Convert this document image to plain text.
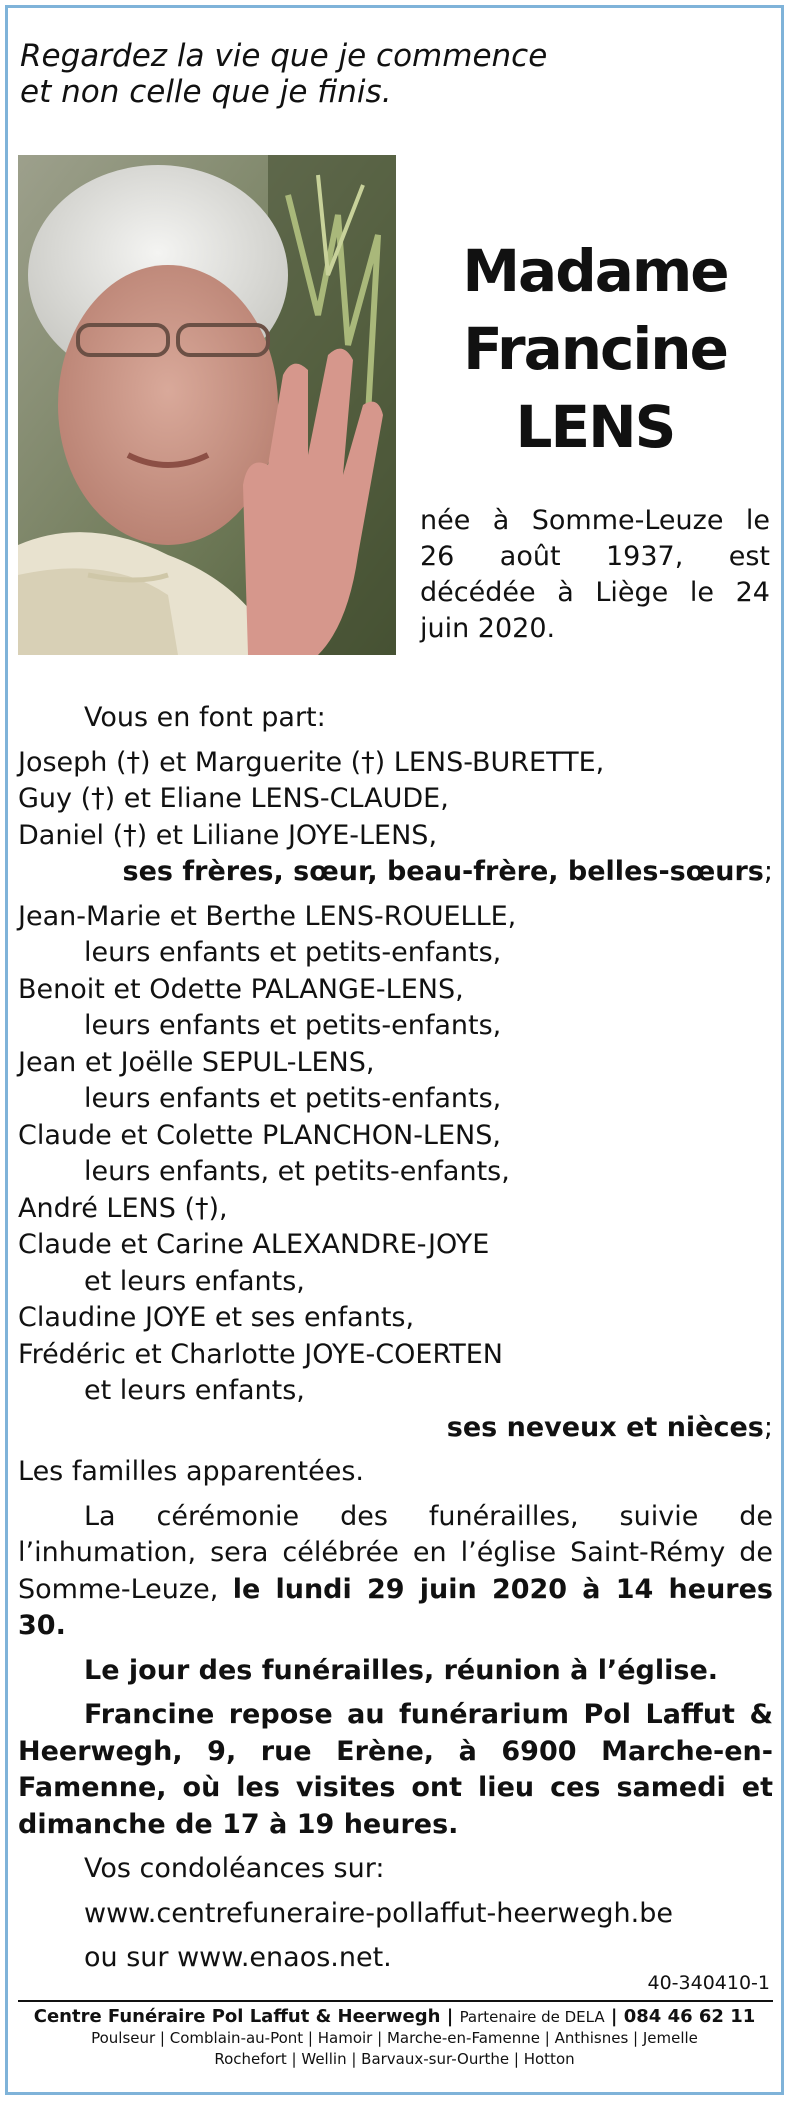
Regardez la vie que je commence
et non celle que je finis.
Madame
Francine
LENS
née à Somme-Leuze le 26 août 1937, est décédée à Liège le 24 juin 2020.
Vous en font part:
Joseph (†) et Marguerite (†) LENS-BURETTE,
Guy (†) et Eliane LENS-CLAUDE,
Daniel (†) et Liliane JOYE-LENS,
ses frères, sœur, beau-frère, belles-sœurs;
Jean-Marie et Berthe LENS-ROUELLE,
leurs enfants et petits-enfants,
Benoit et Odette PALANGE-LENS,
leurs enfants et petits-enfants,
Jean et Joëlle SEPUL-LENS,
leurs enfants et petits-enfants,
Claude et Colette PLANCHON-LENS,
leurs enfants, et petits-enfants,
André LENS (†),
Claude et Carine ALEXANDRE-JOYE
et leurs enfants,
Claudine JOYE et ses enfants,
Frédéric et Charlotte JOYE-COERTEN
et leurs enfants,
ses neveux et nièces;
Les familles apparentées.
La cérémonie des funérailles, suivie de l’inhumation, sera célébrée en l’église Saint-Rémy de Somme-Leuze, le lundi 29 juin 2020 à 14 heures 30.
Le jour des funérailles, réunion à l’église.
Francine repose au funérarium Pol Laffut & Heerwegh, 9, rue Erène, à 6900 Marche-en-Famenne, où les visites ont lieu ces samedi et dimanche de 17 à 19 heures.
Vos condoléances sur:
www.centrefuneraire-pollaffut-heerwegh.be
ou sur www.enaos.net.
40-340410-1
Centre Funéraire Pol Laffut & Heerwegh | Partenaire de DELA | 084 46 62 11
Poulseur | Comblain-au-Pont | Hamoir | Marche-en-Famenne | Anthisnes | Jemelle
Rochefort | Wellin | Barvaux-sur-Ourthe | Hotton
